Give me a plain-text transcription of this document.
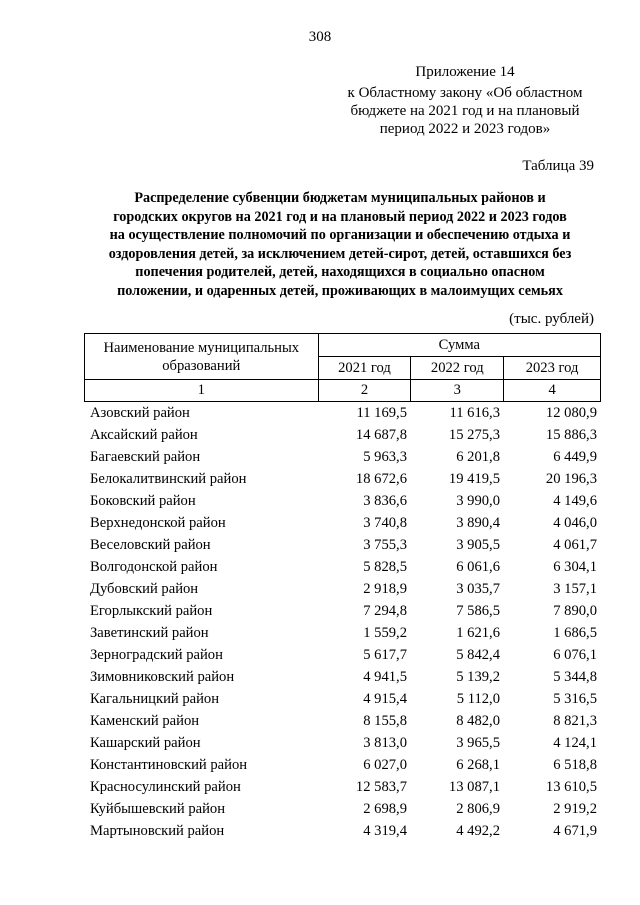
308
Приложение 14
к Областному закону «Об областном
бюджете на 2021 год и на плановый
период 2022 и 2023 годов»
Таблица 39
Распределение субвенции бюджетам муниципальных районов и
городских округов на 2021 год и на плановый период 2022 и 2023 годов
на осуществление полномочий по организации и обеспечению отдыха и
оздоровления детей, за исключением детей-сирот, детей, оставшихся без
попечения родителей, детей, находящихся в социально опасном
положении, и одаренных детей, проживающих в малоимущих семьях
(тыс. рублей)
Наименование муниципальных образований	Сумма		
	2021 год	2022 год	2023 год
1	2	3	4
Азовский район	11 169,5	11 616,3	12 080,9
Аксайский район	14 687,8	15 275,3	15 886,3
Багаевский район	5 963,3	6 201,8	6 449,9
Белокалитвинский район	18 672,6	19 419,5	20 196,3
Боковский район	3 836,6	3 990,0	4 149,6
Верхнедонской район	3 740,8	3 890,4	4 046,0
Веселовский район	3 755,3	3 905,5	4 061,7
Волгодонской район	5 828,5	6 061,6	6 304,1
Дубовский район	2 918,9	3 035,7	3 157,1
Егорлыкский район	7 294,8	7 586,5	7 890,0
Заветинский район	1 559,2	1 621,6	1 686,5
Зерноградский район	5 617,7	5 842,4	6 076,1
Зимовниковский район	4 941,5	5 139,2	5 344,8
Кагальницкий район	4 915,4	5 112,0	5 316,5
Каменский район	8 155,8	8 482,0	8 821,3
Кашарский район	3 813,0	3 965,5	4 124,1
Константиновский район	6 027,0	6 268,1	6 518,8
Красносулинский район	12 583,7	13 087,1	13 610,5
Куйбышевский район	2 698,9	2 806,9	2 919,2
Мартыновский район	4 319,4	4 492,2	4 671,9
